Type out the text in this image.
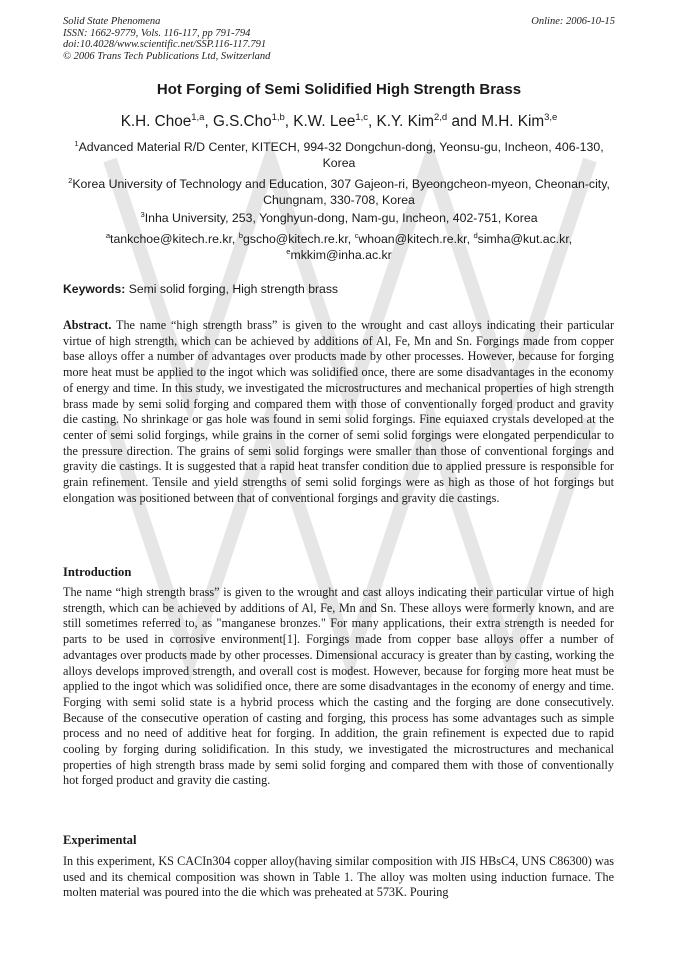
Solid State Phenomena
ISSN: 1662-9779, Vols. 116-117, pp 791-794
doi:10.4028/www.scientific.net/SSP.116-117.791
© 2006 Trans Tech Publications Ltd, Switzerland
Online: 2006-10-15
Hot Forging of Semi Solidified High Strength Brass
K.H. Choe$^{1,a}$, G.S.Cho$^{1,b}$, K.W. Lee$^{1,c}$, K.Y. Kim$^{2,d}$ and M.H. Kim$^{3,e}$
$^1$Advanced Material R/D Center, KITECH, 994-32 Dongchun-dong, Yeonsu-gu, Incheon, 406-130, Korea
$^2$Korea University of Technology and Education, 307 Gajeon-ri, Byeongcheon-myeon, Cheonan-city, Chungnam, 330-708, Korea
$^3$Inha University, 253, Yonghyun-dong, Nam-gu, Incheon, 402-751, Korea
$^a$tankchoe@kitech.re.kr, $^b$gscho@kitech.re.kr, $^c$whoan@kitech.re.kr, $^d$simha@kut.ac.kr,
$^e$mkkim@inha.ac.kr
Keywords: Semi solid forging, High strength brass
Abstract. The name “high strength brass” is given to the wrought and cast alloys indicating their particular virtue of high strength, which can be achieved by additions of Al, Fe, Mn and Sn. Forgings made from copper base alloys offer a number of advantages over products made by other processes. However, because for forging more heat must be applied to the ingot which was solidified once, there are some disadvantages in the economy of energy and time. In this study, we investigated the microstructures and mechanical properties of high strength brass made by semi solid forging and compared them with those of conventionally forged product and gravity die casting. No shrinkage or gas hole was found in semi solid forgings. Fine equiaxed crystals developed at the center of semi solid forgings, while grains in the corner of semi solid forgings were elongated perpendicular to the pressure direction. The grains of semi solid forgings were smaller than those of conventional forgings and gravity die castings. It is suggested that a rapid heat transfer condition due to applied pressure is responsible for grain refinement. Tensile and yield strengths of semi solid forgings were as high as those of hot forgings but elongation was positioned between that of conventional forgings and gravity die castings.
Introduction
The name “high strength brass” is given to the wrought and cast alloys indicating their particular virtue of high strength, which can be achieved by additions of Al, Fe, Mn and Sn. These alloys were formerly known, and are still sometimes referred to, as "manganese bronzes." For many applications, their extra strength is needed for parts to be used in corrosive environment[1]. Forgings made from copper base alloys offer a number of advantages over products made by other processes. Dimensional accuracy is greater than by casting, working the alloys develops improved strength, and overall cost is modest. However, because for forging more heat must be applied to the ingot which was solidified once, there are some disadvantages in the economy of energy and time. Forging with semi solid state is a hybrid process which the casting and the forging are done consecutively. Because of the consecutive operation of casting and forging, this process has some advantages such as simple process and no need of additive heat for forging. In addition, the grain refinement is expected due to rapid cooling by forging during solidification. In this study, we investigated the microstructures and mechanical properties of high strength brass made by semi solid forging and compared them with those of conventionally hot forged product and gravity die casting.
Experimental
In this experiment, KS CACIn304 copper alloy(having similar composition with JIS HBsC4, UNS C86300) was used and its chemical composition was shown in Table 1. The alloy was molten using induction furnace. The molten material was poured into the die which was preheated at 573K. Pouring
